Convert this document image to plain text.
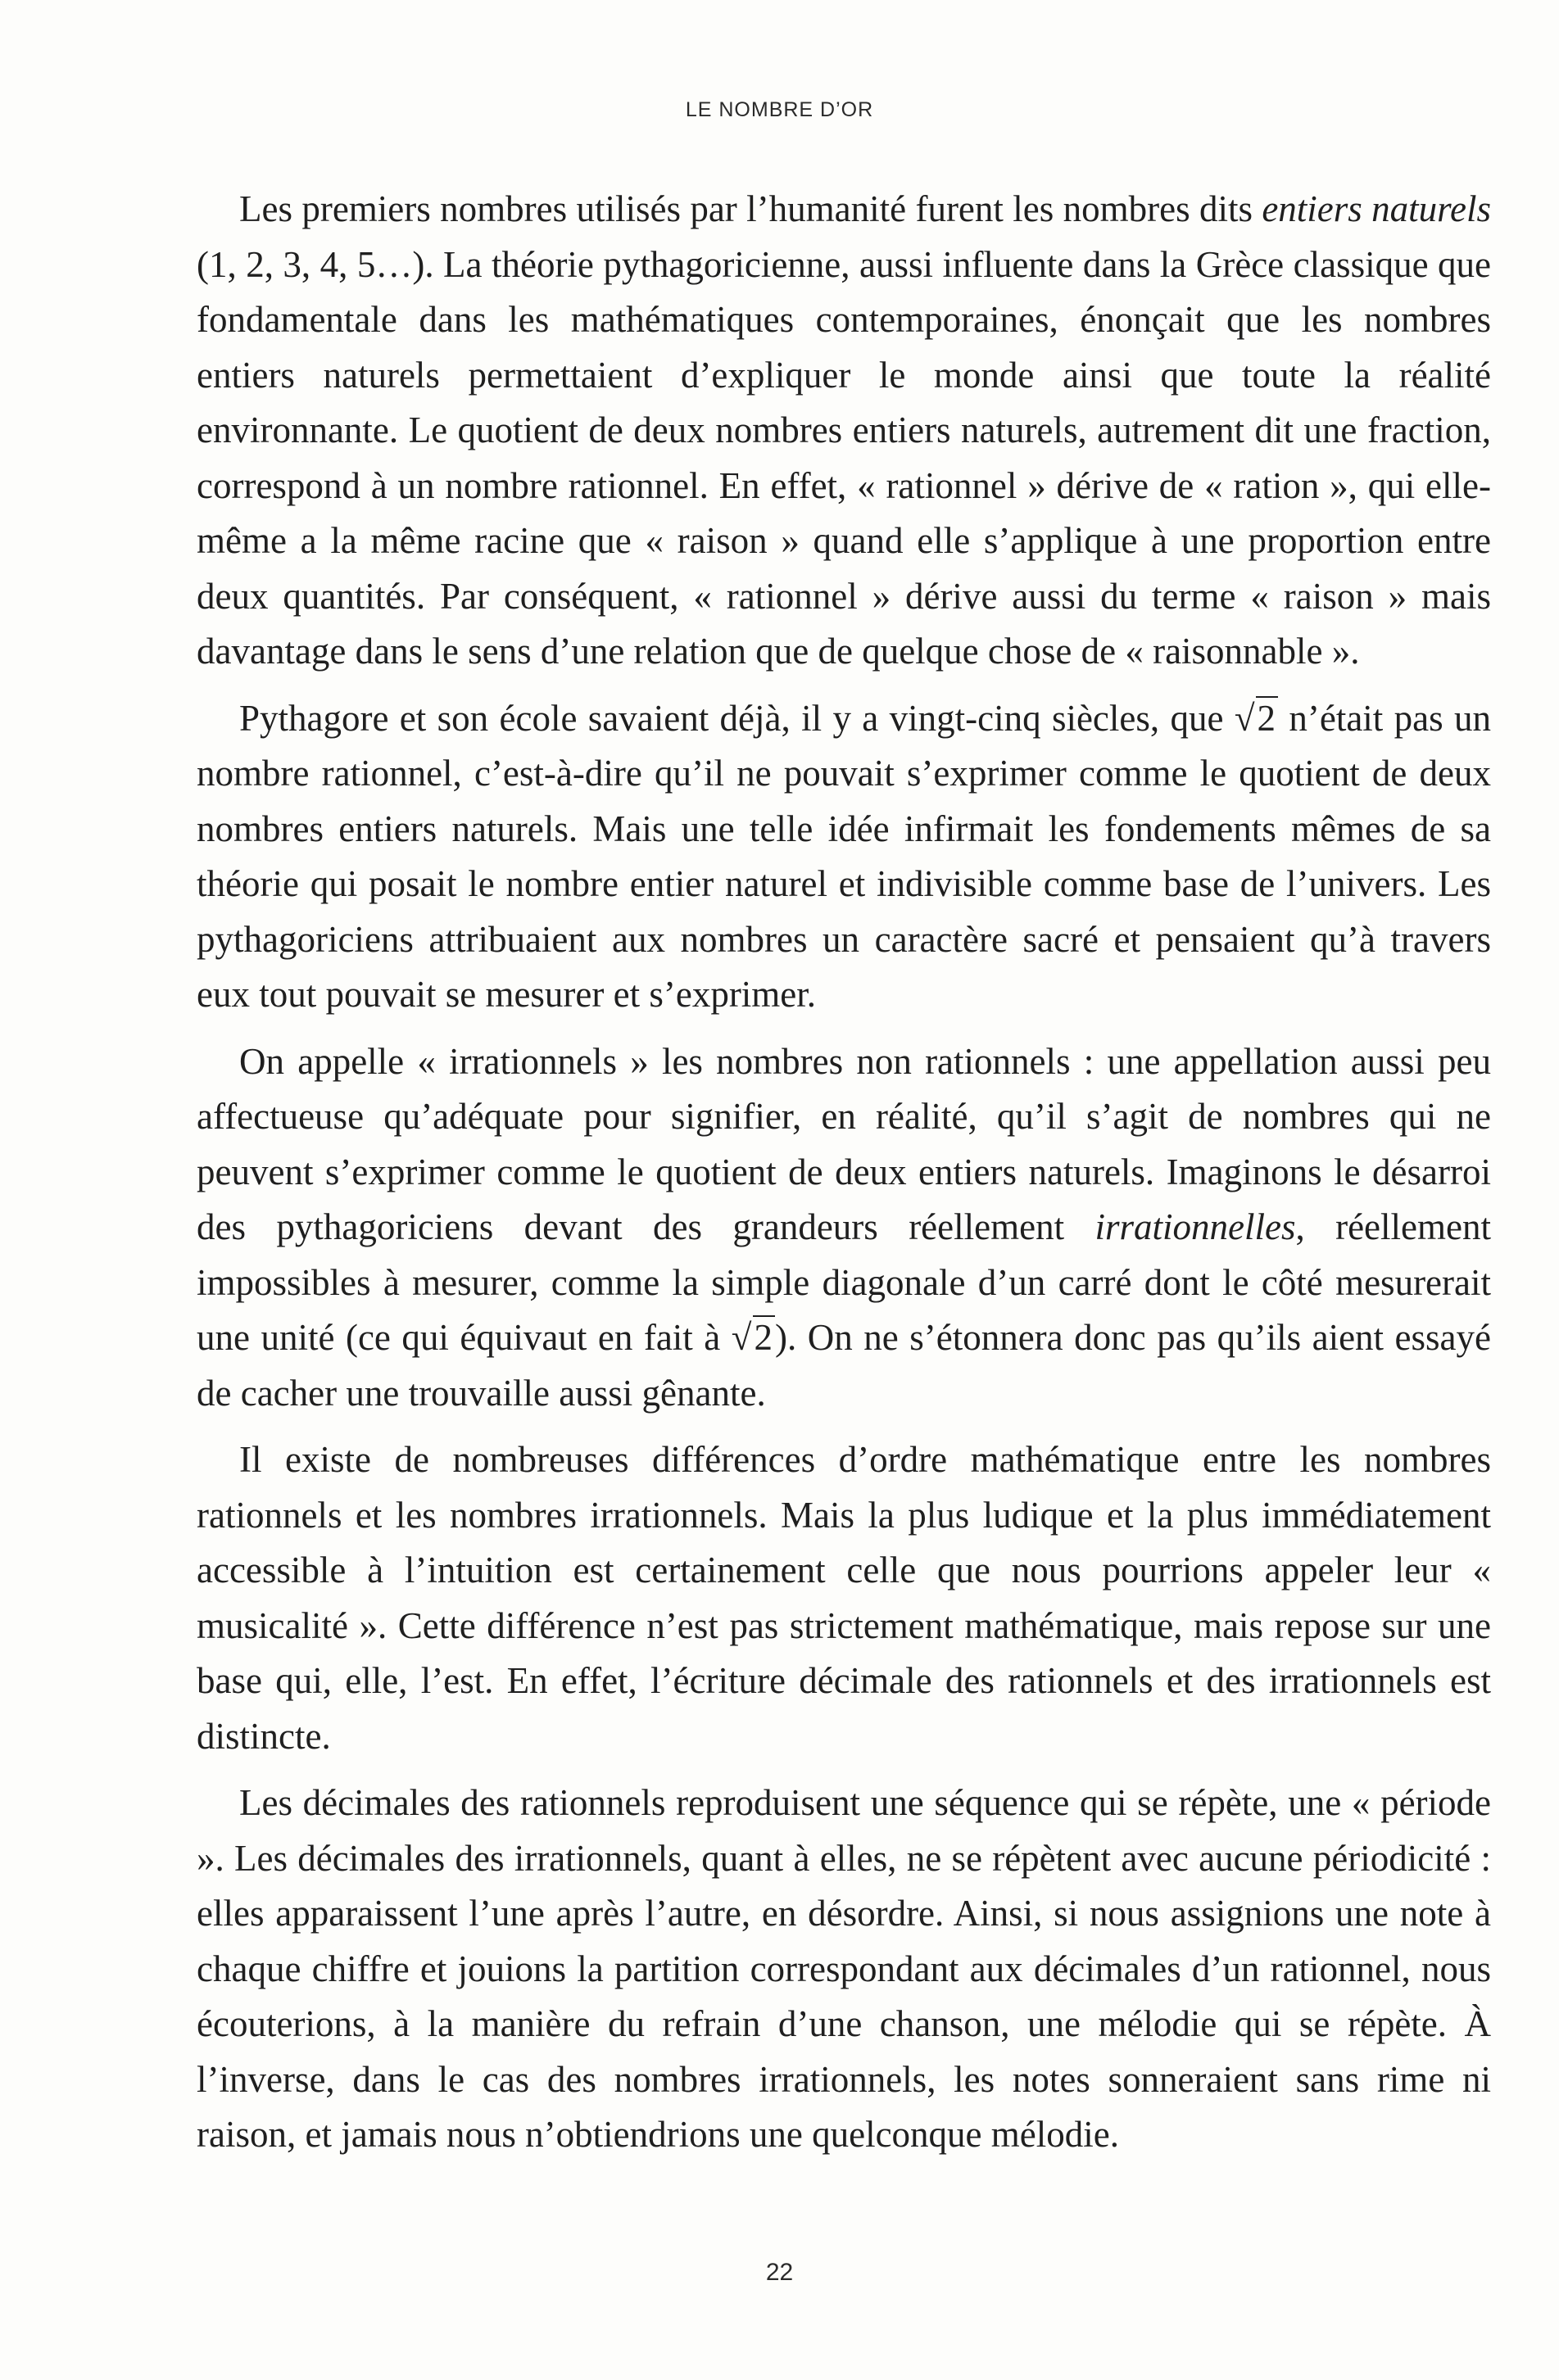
LE NOMBRE D’OR

Les premiers nombres utilisés par l’humanité furent les nombres dits entiers naturels (1, 2, 3, 4, 5…). La théorie pythagoricienne, aussi influente dans la Grèce classique que fondamentale dans les mathématiques contemporaines, énonçait que les nombres entiers naturels permettaient d’expliquer le monde ainsi que toute la réalité environnante. Le quotient de deux nombres entiers naturels, autrement dit une fraction, correspond à un nombre rationnel. En effet, « rationnel » dérive de « ration », qui elle-même a la même racine que « raison » quand elle s’applique à une proportion entre deux quantités. Par conséquent, « rationnel » dérive aussi du terme « raison » mais davantage dans le sens d’une relation que de quelque chose de « raisonnable ».

Pythagore et son école savaient déjà, il y a vingt-cinq siècles, que √2 n’était pas un nombre rationnel, c’est-à-dire qu’il ne pouvait s’exprimer comme le quotient de deux nombres entiers naturels. Mais une telle idée infirmait les fondements mêmes de sa théorie qui posait le nombre entier naturel et indivisible comme base de l’univers. Les pythagoriciens attribuaient aux nombres un caractère sacré et pensaient qu’à travers eux tout pouvait se mesurer et s’exprimer.

On appelle « irrationnels » les nombres non rationnels : une appellation aussi peu affectueuse qu’adéquate pour signifier, en réalité, qu’il s’agit de nombres qui ne peuvent s’exprimer comme le quotient de deux entiers naturels. Imaginons le désarroi des pythagoriciens devant des grandeurs réellement irrationnelles, réellement impossibles à mesurer, comme la simple diagonale d’un carré dont le côté mesurerait une unité (ce qui équivaut en fait à √2). On ne s’étonnera donc pas qu’ils aient essayé de cacher une trouvaille aussi gênante.

Il existe de nombreuses différences d’ordre mathématique entre les nombres rationnels et les nombres irrationnels. Mais la plus ludique et la plus immédiatement accessible à l’intuition est certainement celle que nous pourrions appeler leur « musicalité ». Cette différence n’est pas strictement mathématique, mais repose sur une base qui, elle, l’est. En effet, l’écriture décimale des rationnels et des irrationnels est distincte.

Les décimales des rationnels reproduisent une séquence qui se répète, une « période ». Les décimales des irrationnels, quant à elles, ne se répètent avec aucune périodicité : elles apparaissent l’une après l’autre, en désordre. Ainsi, si nous assignions une note à chaque chiffre et jouions la partition correspondant aux décimales d’un rationnel, nous écouterions, à la manière du refrain d’une chanson, une mélodie qui se répète. À l’inverse, dans le cas des nombres irrationnels, les notes sonneraient sans rime ni raison, et jamais nous n’obtiendrions une quelconque mélodie.

22
